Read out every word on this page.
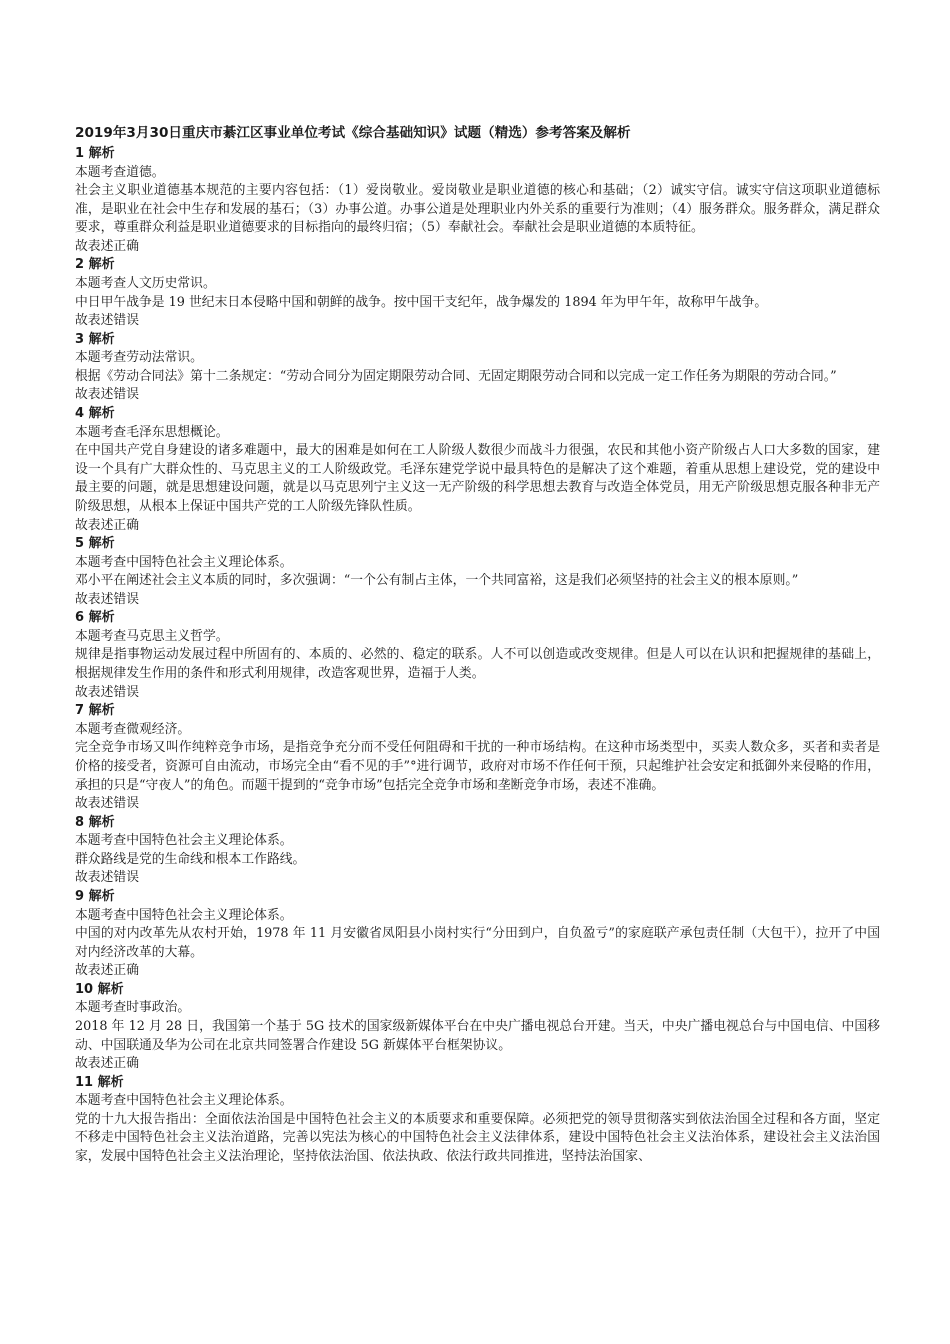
2019年3月30日重庆市綦江区事业单位考试《综合基础知识》试题（精选）参考答案及解析
1 解析
本题考查道德。
社会主义职业道德基本规范的主要内容包括：（1）爱岗敬业。爱岗敬业是职业道德的核心和基础；（2）诚实守信。诚实守信这项职业道德标准，是职业在社会中生存和发展的基石；（3）办事公道。办事公道是处理职业内外关系的重要行为准则；（4）服务群众。服务群众，满足群众要求，尊重群众利益是职业道德要求的目标指向的最终归宿；（5）奉献社会。奉献社会是职业道德的本质特征。
故表述正确
2 解析
本题考查人文历史常识。
中日甲午战争是 19 世纪末日本侵略中国和朝鲜的战争。按中国干支纪年，战争爆发的 1894 年为甲午年，故称甲午战争。
故表述错误
3 解析
本题考查劳动法常识。
根据《劳动合同法》第十二条规定：“劳动合同分为固定期限劳动合同、无固定期限劳动合同和以完成一定工作任务为期限的劳动合同。”
故表述错误
4 解析
本题考查毛泽东思想概论。
在中国共产党自身建设的诸多难题中，最大的困难是如何在工人阶级人数很少而战斗力很强，农民和其他小资产阶级占人口大多数的国家，建设一个具有广大群众性的、马克思主义的工人阶级政党。毛泽东建党学说中最具特色的是解决了这个难题，着重从思想上建设党，党的建设中最主要的问题，就是思想建设问题，就是以马克思列宁主义这一无产阶级的科学思想去教育与改造全体党员，用无产阶级思想克服各种非无产阶级思想，从根本上保证中国共产党的工人阶级先锋队性质。
故表述正确
5 解析
本题考查中国特色社会主义理论体系。
邓小平在阐述社会主义本质的同时，多次强调：“一个公有制占主体，一个共同富裕，这是我们必须坚持的社会主义的根本原则。”
故表述错误
6 解析
本题考查马克思主义哲学。
规律是指事物运动发展过程中所固有的、本质的、必然的、稳定的联系。人不可以创造或改变规律。但是人可以在认识和把握规律的基础上，根据规律发生作用的条件和形式利用规律，改造客观世界，造福于人类。
故表述错误
7 解析
本题考查微观经济。
完全竞争市场又叫作纯粹竞争市场，是指竞争充分而不受任何阻碍和干扰的一种市场结构。在这种市场类型中，买卖人数众多，买者和卖者是价格的接受者，资源可自由流动，市场完全由“看不见的手”°进行调节，政府对市场不作任何干预，只起维护社会安定和抵御外来侵略的作用，承担的只是“守夜人”的角色。而题干提到的“竞争市场”包括完全竞争市场和垄断竞争市场，表述不准确。
故表述错误
8 解析
本题考查中国特色社会主义理论体系。
群众路线是党的生命线和根本工作路线。
故表述错误
9 解析
本题考查中国特色社会主义理论体系。
中国的对内改革先从农村开始，1978 年 11 月安徽省凤阳县小岗村实行“分田到户，自负盈亏”的家庭联产承包责任制（大包干），拉开了中国对内经济改革的大幕。
故表述正确
10 解析
本题考查时事政治。
2018 年 12 月 28 日，我国第一个基于 5G 技术的国家级新媒体平台在中央广播电视总台开建。当天，中央广播电视总台与中国电信、中国移动、中国联通及华为公司在北京共同签署合作建设 5G 新媒体平台框架协议。
故表述正确
11 解析
本题考查中国特色社会主义理论体系。
党的十九大报告指出：全面依法治国是中国特色社会主义的本质要求和重要保障。必须把党的领导贯彻落实到依法治国全过程和各方面，坚定不移走中国特色社会主义法治道路，完善以宪法为核心的中国特色社会主义法律体系，建设中国特色社会主义法治体系，建设社会主义法治国家，发展中国特色社会主义法治理论，坚持依法治国、依法执政、依法行政共同推进，坚持法治国家、
